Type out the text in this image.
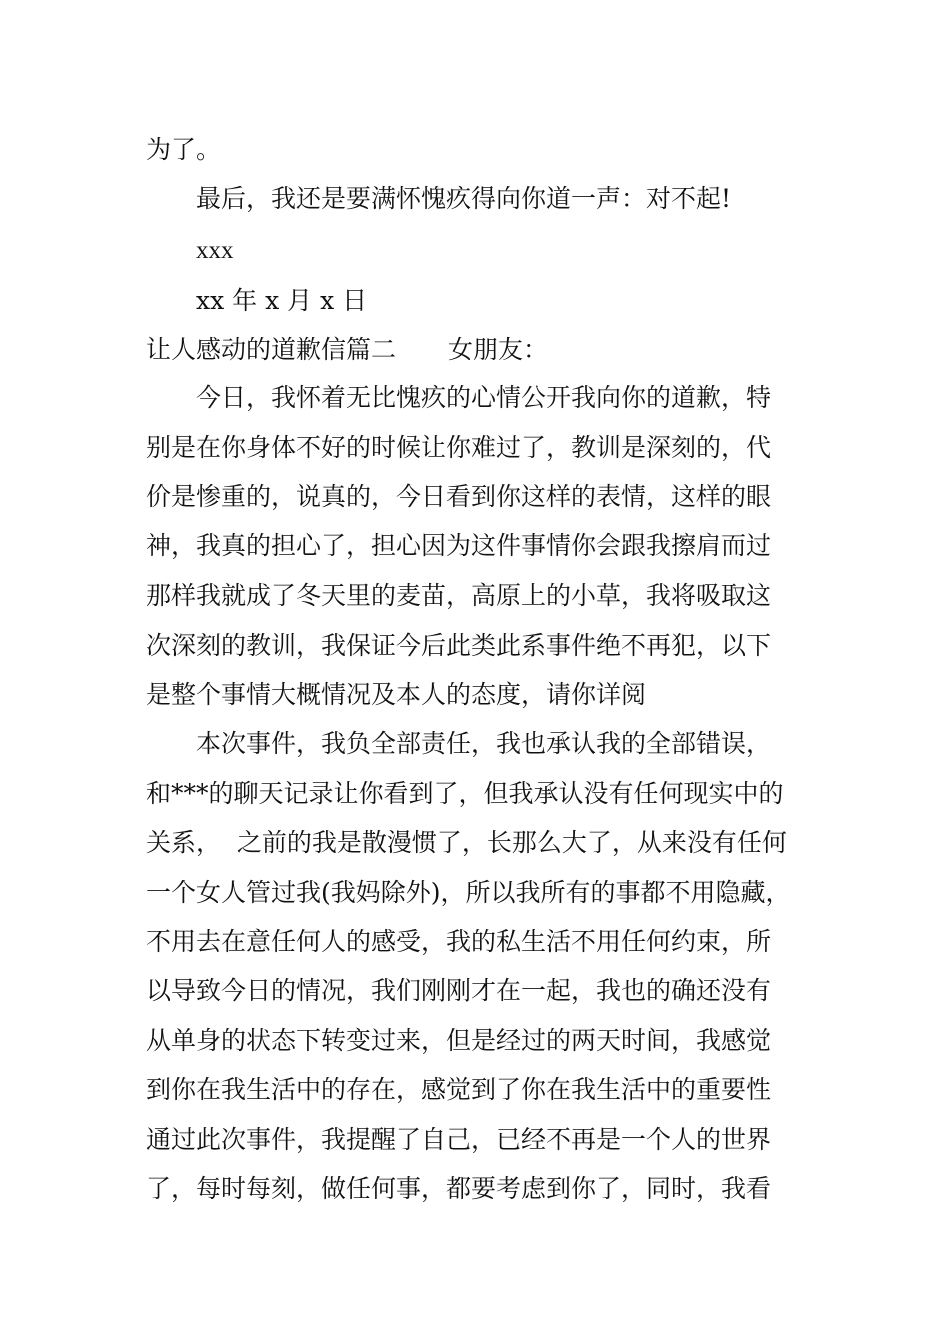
为了。
最后，我还是要满怀愧疚得向你道一声：对不起!
xxx
xx 年 x 月 x 日
让人感动的道歉信篇二 女朋友：
今日，我怀着无比愧疚的心情公开我向你的道歉，特
别是在你身体不好的时候让你难过了，教训是深刻的，代
价是惨重的，说真的，今日看到你这样的表情，这样的眼
神，我真的担心了，担心因为这件事情你会跟我擦肩而过
那样我就成了冬天里的麦苗，高原上的小草，我将吸取这
次深刻的教训，我保证今后此类此系事件绝不再犯，以下
是整个事情大概情况及本人的态度，请你详阅
本次事件，我负全部责任，我也承认我的全部错误，
和***的聊天记录让你看到了，但我承认没有任何现实中的
关系，  之前的我是散漫惯了，长那么大了，从来没有任何
一个女人管过我(我妈除外)，所以我所有的事都不用隐藏，
不用去在意任何人的感受，我的私生活不用任何约束，所
以导致今日的情况，我们刚刚才在一起，我也的确还没有
从单身的状态下转变过来，但是经过的两天时间，我感觉
到你在我生活中的存在，感觉到了你在我生活中的重要性
通过此次事件，我提醒了自己，已经不再是一个人的世界
了，每时每刻，做任何事，都要考虑到你了，同时，我看
